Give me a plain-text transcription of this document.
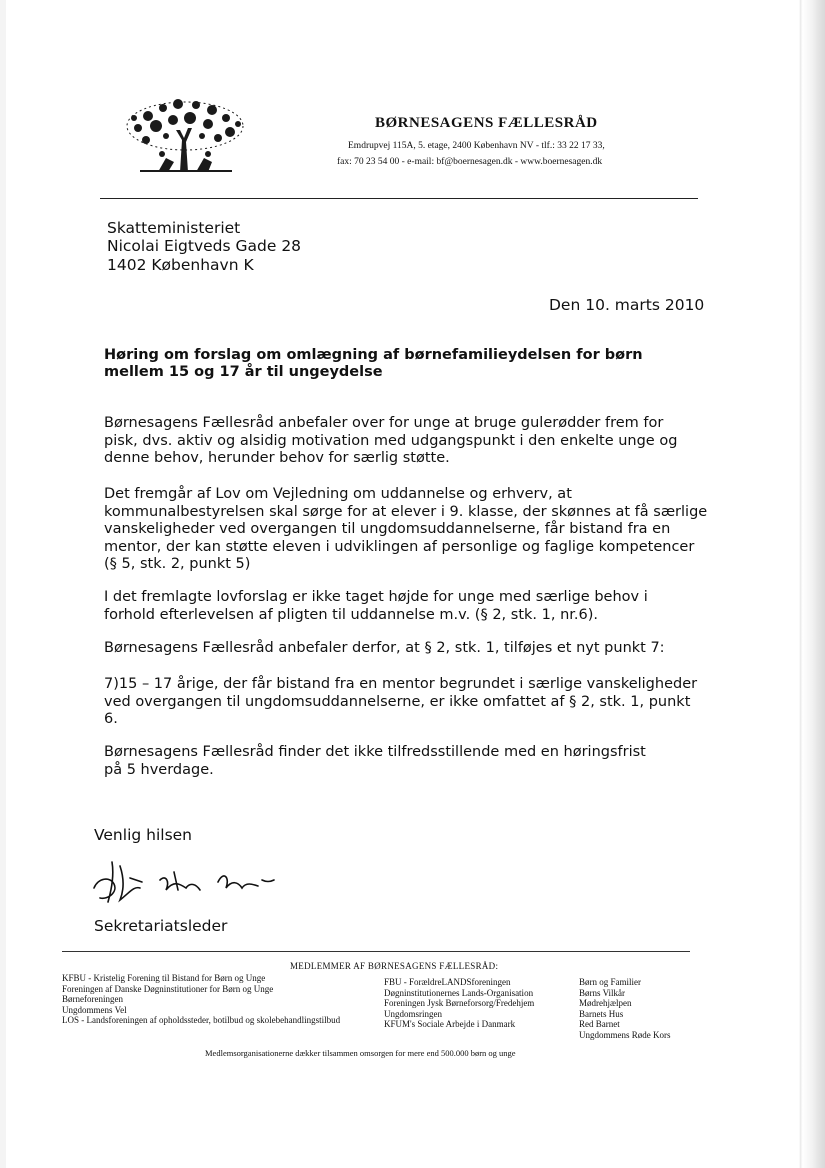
BØRNESAGENS FÆLLESRÅD
Emdrupvej 115A, 5. etage, 2400 København NV - tlf.: 33 22 17 33,
fax: 70 23 54 00 - e-mail: bf@boernesagen.dk - www.boernesagen.dk
Skatteministeriet
Nicolai Eigtveds Gade 28
1402 København K
Den 10. marts 2010
Høring om forslag om omlægning af børnefamilieydelsen for børn mellem 15 og 17 år til ungeydelse
Børnesagens Fællesråd anbefaler over for unge at bruge gulerødder frem for pisk, dvs. aktiv og alsidig motivation med udgangspunkt i den enkelte unge og denne behov, herunder behov for særlig støtte.
Det fremgår af Lov om Vejledning om uddannelse og erhverv, at kommunalbestyrelsen skal sørge for at elever i 9. klasse, der skønnes at få særlige vanskeligheder ved overgangen til ungdomsuddannelserne, får bistand fra en mentor, der kan støtte eleven i udviklingen af personlige og faglige kompetencer (§ 5, stk. 2, punkt 5)
I det fremlagte lovforslag er ikke taget højde for unge med særlige behov i forhold efterlevelsen af pligten til uddannelse m.v. (§ 2, stk. 1, nr.6).
Børnesagens Fællesråd anbefaler derfor, at § 2, stk. 1, tilføjes et nyt punkt 7:
7)15 – 17 årige, der får bistand fra en mentor begrundet i særlige vanskeligheder ved overgangen til ungdomsuddannelserne, er ikke omfattet af § 2, stk. 1, punkt 6.
Børnesagens Fællesråd finder det ikke tilfredsstillende med en høringsfrist på 5 hverdage.
Venlig hilsen
Sekretariatsleder
MEDLEMMER AF BØRNESAGENS FÆLLESRÅD:
KFBU - Kristelig Forening til Bistand for Børn og Unge
Foreningen af Danske Døgninstitutioner for Børn og Unge
Børneforeningen
Ungdommens Vel
LOS - Landsforeningen af opholdssteder, botilbud og skolebehandlingstilbud
FBU - ForældreLANDSforeningen
Døgninstitutionernes Lands-Organisation
Foreningen Jysk Børneforsorg/Fredehjem
Ungdomsringen
KFUM's Sociale Arbejde i Danmark
Børn og Familier
Børns Vilkår
Mødrehjælpen
Barnets Hus
Red Barnet
Ungdommens Røde Kors
Medlemsorganisationerne dækker tilsammen omsorgen for mere end 500.000 børn og unge
